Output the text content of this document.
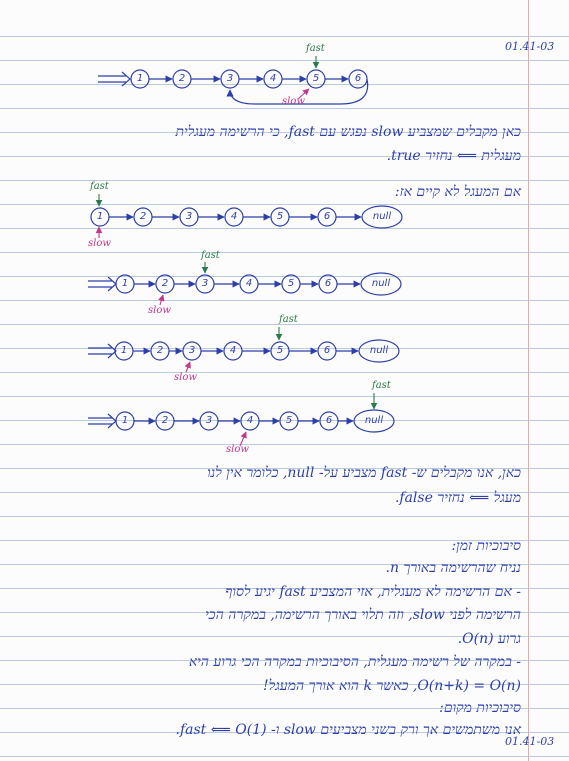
01.41-03
1	2	3	4	5	6
fast
slow
1	2	3	4	5	6	null
fast
slow
1	2	3	4	5	6	null
fast
slow
1	2	3	4	5	6	null
fast
slow
1	2	3	4	5	6	null
fast
slow
כאן מקבלים שמצביע slow נפגש עם fast, כי הרשימה מעגלית
מעגלית ⟸ נחזיר true.
אם המעגל לא קיים אז:
כאן, אנו מקבלים ש- fast מצביע על- null, כלומר אין לנו
מעגל ⟸ נחזיר false.
סיבוכיות זמן:
נניח שהרשימה באורך n.
- אם הרשימה לא מעגלית, אזי המצביע fast יגיע לסוף
הרשימה לפני slow, וזה תלוי באורך הרשימה, במקרה הכי
גרוע O(n).
- במקרה של רשימה מעגלית, הסיבוכיות במקרה הכי גרוע היא
O(n+k) = O(n), כאשר k הוא אורך המעגל!
סיבוכיות מקום:
אנו משתמשים אך ורק בשני מצביעים slow ו- fast ⟸ O(1).
01.41-03
